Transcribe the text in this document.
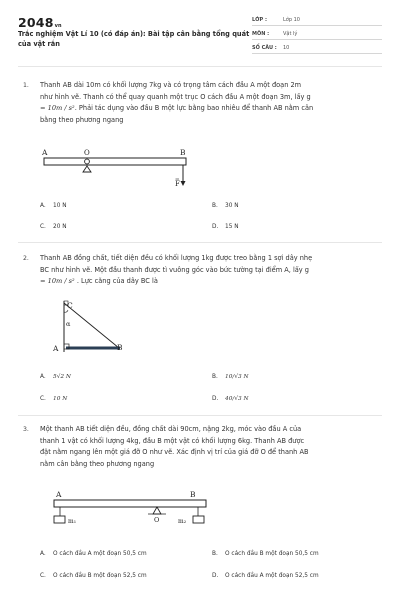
2048vn
Trắc nghiệm Vật Lí 10 (có đáp án): Bài tập cân bằng tổng quát của vật rắn
LỚP :	Lớp 10
MÔN :	Vật lý
SỐ CÂU : 10
1. Thanh AB dài 10m có khối lượng 7kg và có trọng tâm cách đầu A một đoạn 2m
như hình vẽ. Thanh có thể quay quanh một trục O cách đầu A một đoạn 3m, lấy g
= 10m / s². Phải tác dụng vào đầu B một lực bằng bao nhiêu để thanh AB nằm cân
bằng theo phương ngang
A	B
O
F
A. 10 N	B. 30 N
C. 20 N	D. 15 N
2. Thanh AB đồng chất, tiết diện đều có khối lượng 1kg được treo bằng 1 sợi dây nhẹ
BC như hình vẽ. Một đầu thanh được tì vuông góc vào bức tường tại điểm A, lấy g
= 10m / s² . Lực căng của dây BC là
C
α
A	B
A. 5√2 N	B. 10/√3 N
C. 10 N	D. 40/√3 N
3. Một thanh AB tiết diện đều, đồng chất dài 90cm, nặng 2kg, móc vào đầu A của
thanh 1 vật có khối lượng 4kg, đầu B một vật có khối lượng 6kg. Thanh AB được
đặt nằm ngang lên một giá đỡ O như vẽ. Xác định vị trí của giá đỡ O để thanh AB
nằm cân bằng theo phương ngang
A	B
O
m₁	m₂
A. O cách đầu A một đoạn 50,5 cm	B. O cách đầu B một đoạn 50,5 cm
C. O cách đầu B một đoạn 52,5 cm	D. O cách đầu A một đoạn 52,5 cm
